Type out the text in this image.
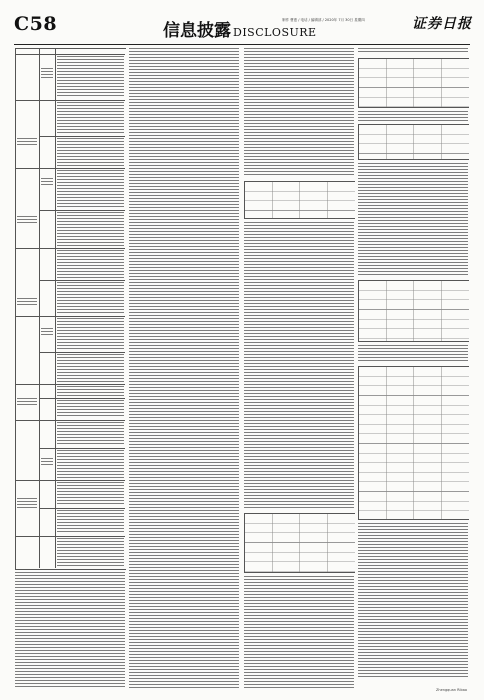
C58	信息披露 DISCLOSURE
制作 曹惠 / 电话 / 编辑部 / 2020年 7月 30日 星期四	证券日报
Zhengquan Ribao
